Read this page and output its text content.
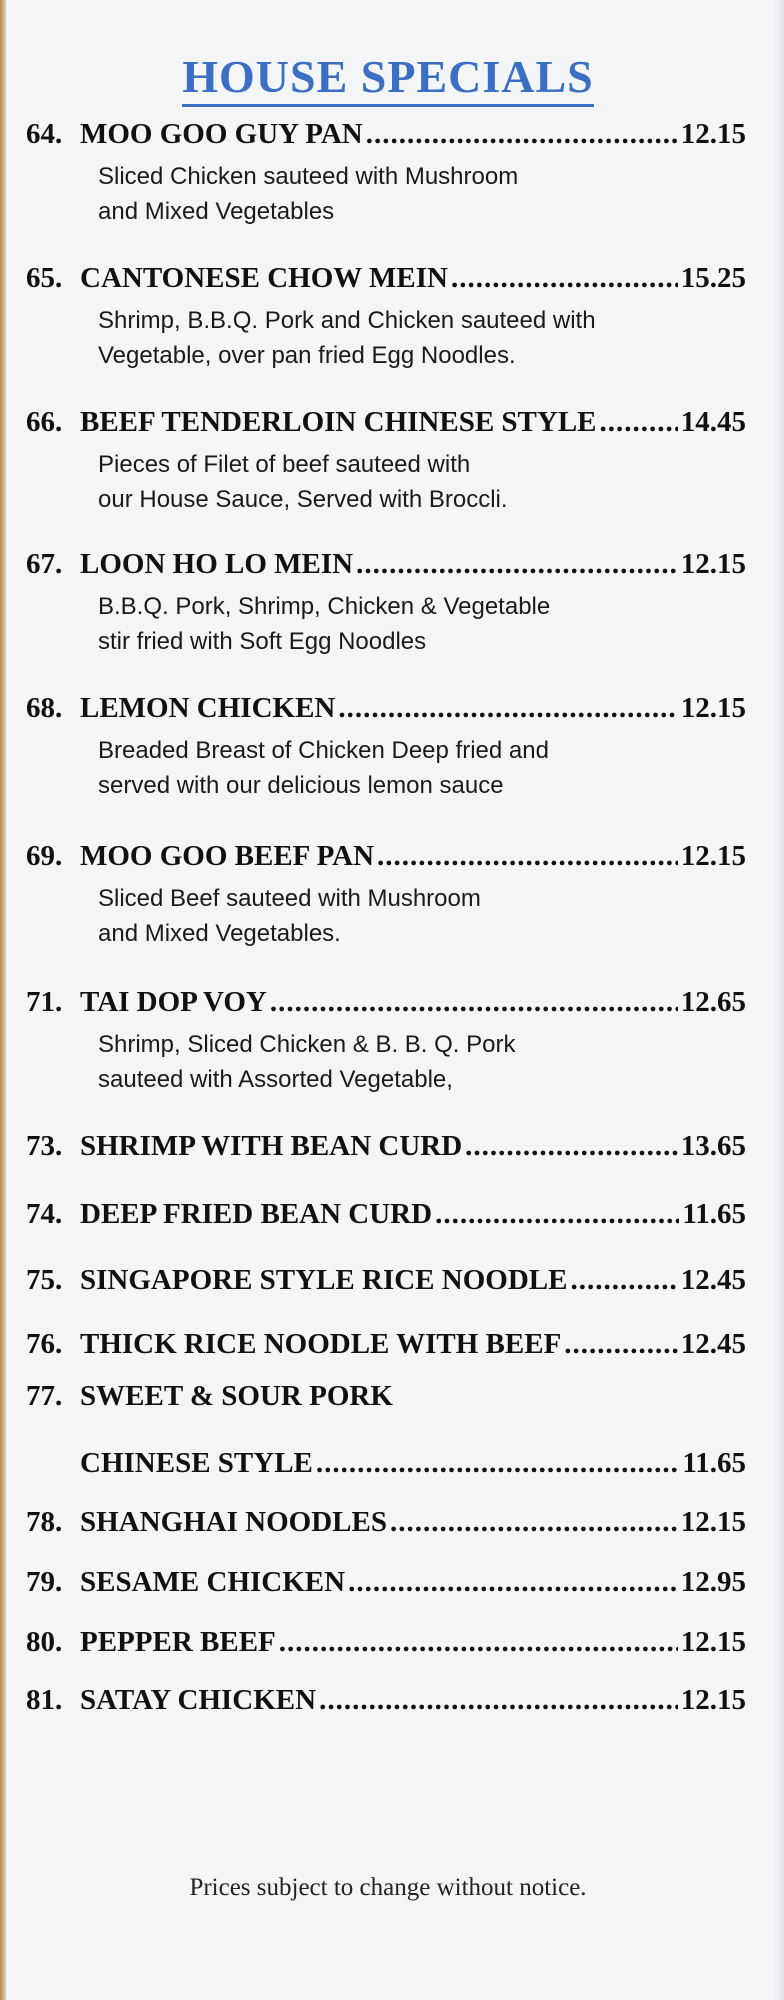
HOUSE SPECIALS
64. MOO GOO GUY PAN .....	12.15
Sliced Chicken sauteed with Mushroom
and Mixed Vegetables
65. CANTONESE CHOW MEIN .....	15.25
Shrimp, B.B.Q. Pork and Chicken sauteed with
Vegetable, over pan fried Egg Noodles.
66. BEEF TENDERLOIN CHINESE STYLE .....	14.45
Pieces of Filet of beef sauteed with
our House Sauce, Served with Broccli.
67. LOON HO LO MEIN .....	12.15
B.B.Q. Pork, Shrimp, Chicken & Vegetable
stir fried with Soft Egg Noodles
68. LEMON CHICKEN .....	12.15
Breaded Breast of Chicken Deep fried and
served with our delicious lemon sauce
69. MOO GOO BEEF PAN .....	12.15
Sliced Beef sauteed with Mushroom
and Mixed Vegetables.
71. TAI DOP VOY .....	12.65
Shrimp, Sliced Chicken & B. B. Q. Pork
sauteed with Assorted Vegetable,
73. SHRIMP WITH BEAN CURD .....	13.65
74. DEEP FRIED BEAN CURD .....	11.65
75. SINGAPORE STYLE RICE NOODLE .....	12.45
76. THICK RICE NOODLE WITH BEEF .....	12.45
77. SWEET & SOUR PORK
CHINESE STYLE .....	11.65
78. SHANGHAI NOODLES .....	12.15
79. SESAME CHICKEN .....	12.95
80. PEPPER BEEF .....	12.15
81. SATAY CHICKEN .....	12.15
Prices subject to change without notice.
